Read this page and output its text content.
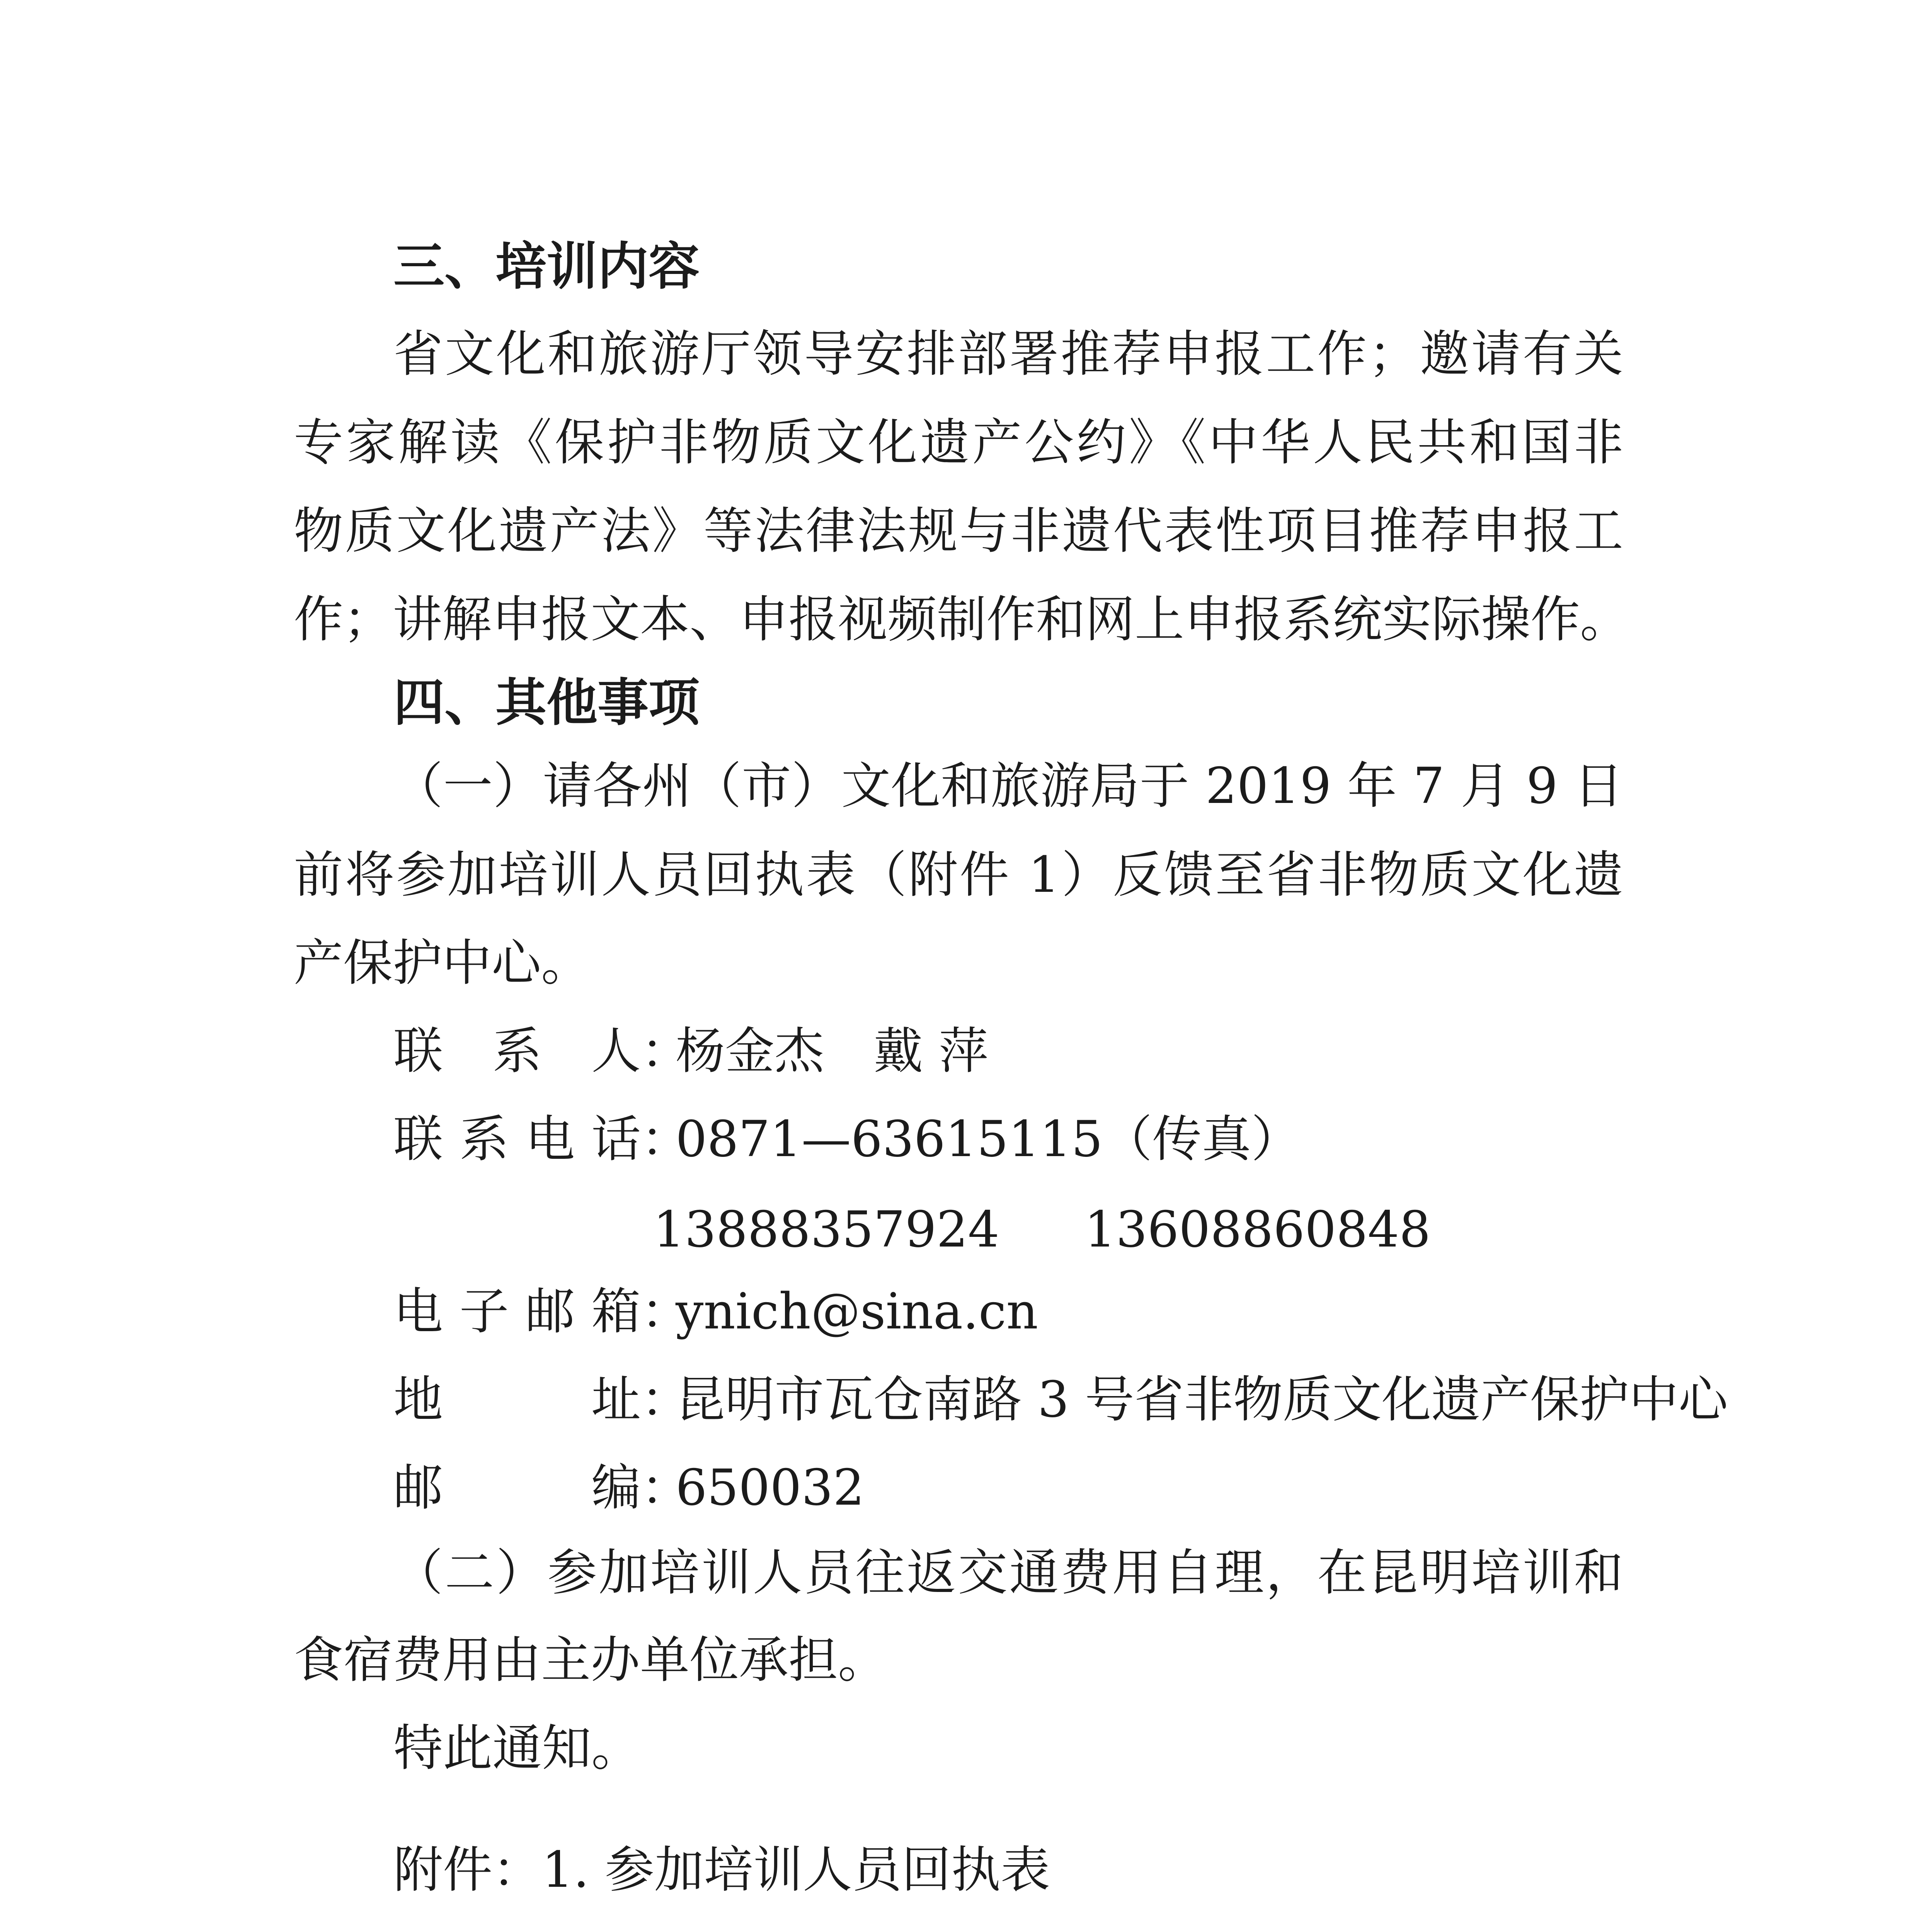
三、培训内容
省文化和旅游厅领导安排部署推荐申报工作；邀请有关
专家解读《保护非物质文化遗产公约》《中华人民共和国非
物质文化遗产法》等法律法规与非遗代表性项目推荐申报工
作；讲解申报文本、申报视频制作和网上申报系统实际操作。
四、其他事项
（一）请各州（市）文化和旅游局于 2019 年 7 月 9 日
前将参加培训人员回执表（附件 1）反馈至省非物质文化遗
产保护中心。
联系人：杨金杰　戴 萍
联系电话：0871—63615115（传真）
13888357924 13608860848
电子邮箱：ynich@sina.cn
地址：昆明市瓦仓南路 3 号省非物质文化遗产保护中心
邮编：650032
（二）参加培训人员往返交通费用自理，在昆明培训和
食宿费用由主办单位承担。
特此通知。
附件：1. 参加培训人员回执表
